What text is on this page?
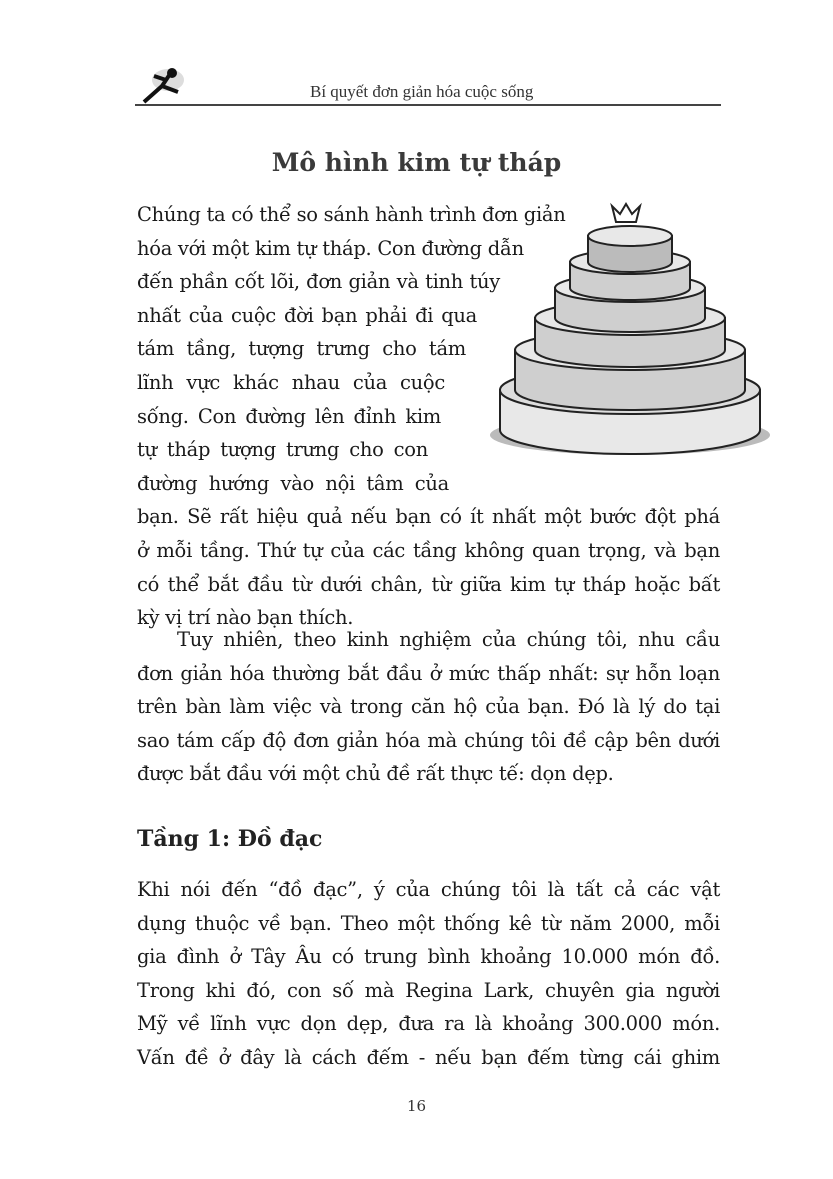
Bí quyết đơn giản hóa cuộc sống
Mô hình kim tự tháp
Chúng ta có thể so sánh hành trình đơn giản
hóa với một kim tự tháp. Con đường dẫn
đến phần cốt lõi, đơn giản và tinh túy
nhất của cuộc đời bạn phải đi qua
tám tầng, tượng trưng cho tám
lĩnh vực khác nhau của cuộc
sống. Con đường lên đỉnh kim
tự tháp tượng trưng cho con
đường hướng vào nội tâm của
bạn. Sẽ rất hiệu quả nếu bạn có ít nhất một bước đột phá
ở mỗi tầng. Thứ tự của các tầng không quan trọng, và bạn
có thể bắt đầu từ dưới chân, từ giữa kim tự tháp hoặc bất
kỳ vị trí nào bạn thích.
Tuy nhiên, theo kinh nghiệm của chúng tôi, nhu cầu
đơn giản hóa thường bắt đầu ở mức thấp nhất: sự hỗn loạn
trên bàn làm việc và trong căn hộ của bạn. Đó là lý do tại
sao tám cấp độ đơn giản hóa mà chúng tôi đề cập bên dưới
được bắt đầu với một chủ đề rất thực tế: dọn dẹp.
Tầng 1: Đồ đạc
Khi nói đến “đồ đạc”, ý của chúng tôi là tất cả các vật
dụng thuộc về bạn. Theo một thống kê từ năm 2000, mỗi
gia đình ở Tây Âu có trung bình khoảng 10.000 món đồ.
Trong khi đó, con số mà Regina Lark, chuyên gia người
Mỹ về lĩnh vực dọn dẹp, đưa ra là khoảng 300.000 món.
Vấn đề ở đây là cách đếm - nếu bạn đếm từng cái ghim
16
